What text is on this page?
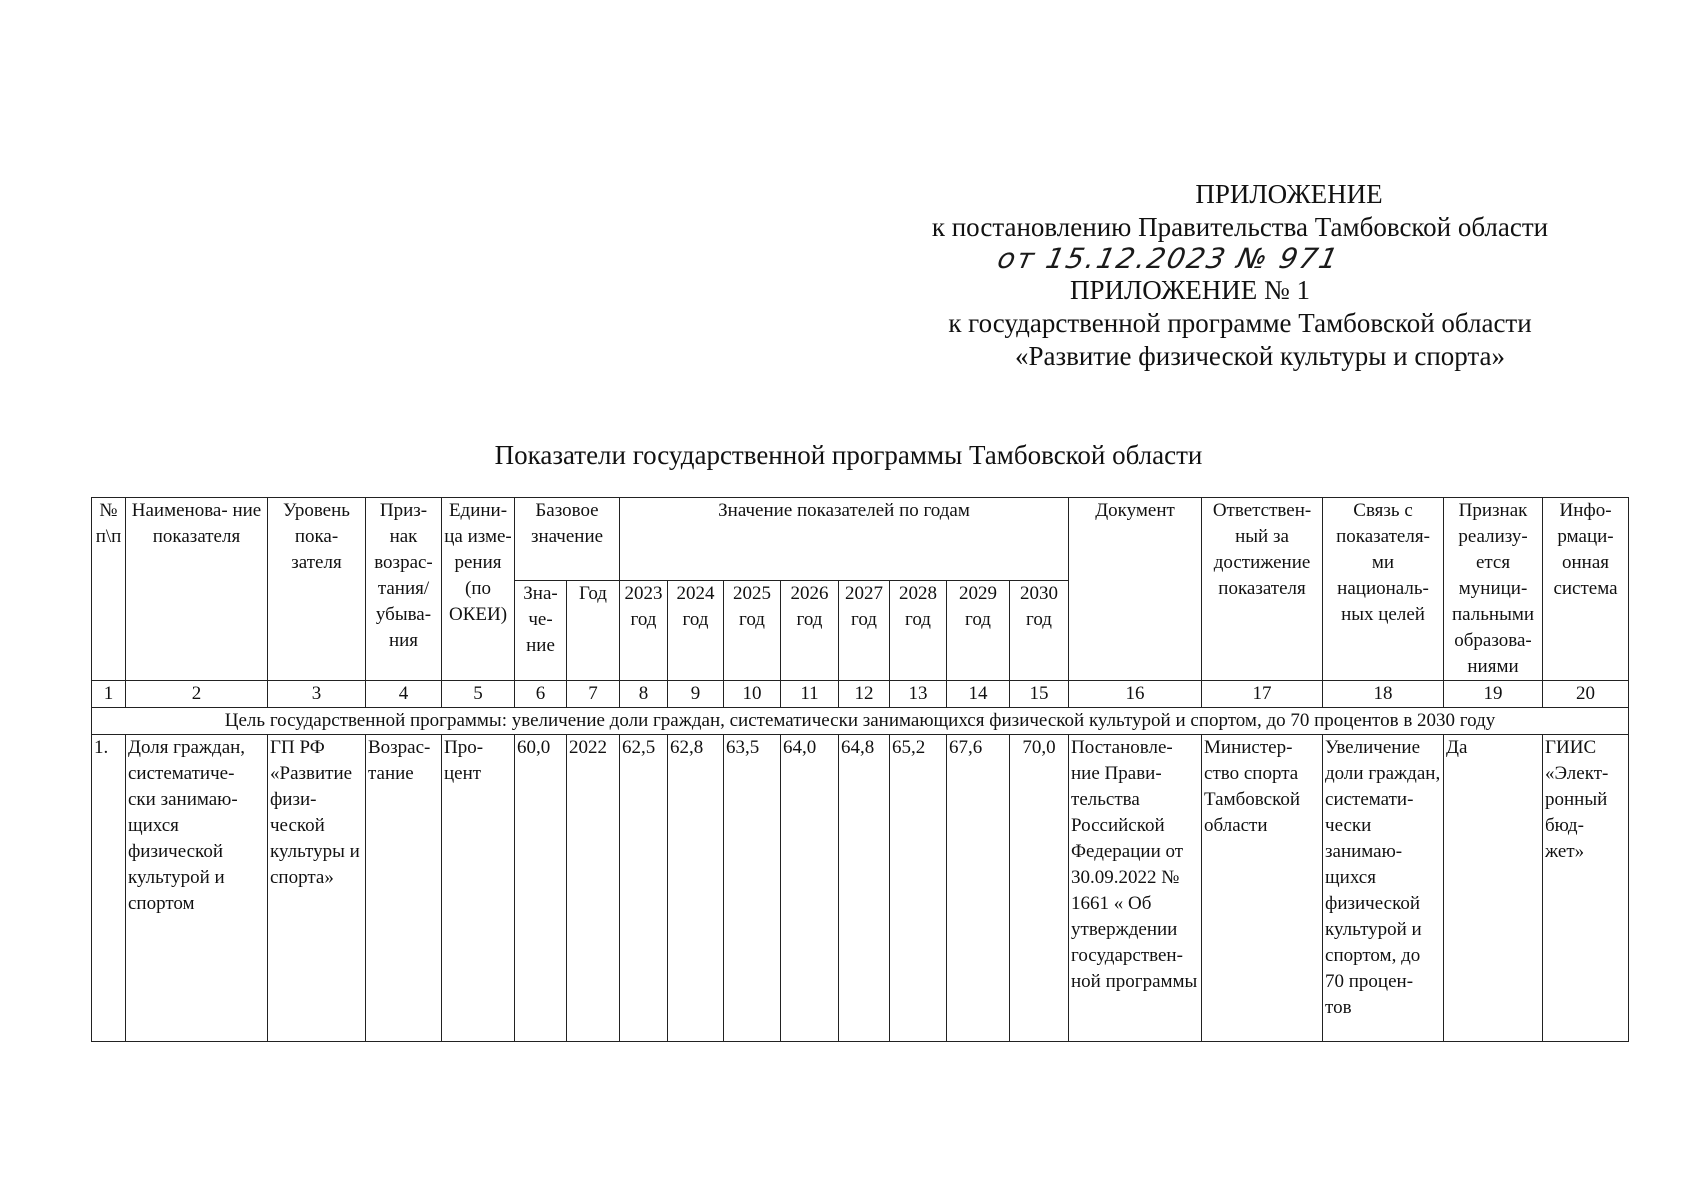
ПРИЛОЖЕНИЕ
к постановлению Правительства Тамбовской области
от 15.12.2023 № 971
ПРИЛОЖЕНИЕ № 1
к государственной программе Тамбовской области
«Развитие физической культуры и спорта»
Показатели государственной программы Тамбовской области
№ п\п	Наименова- ние показателя	Уровень пока- зателя	Приз- нак возрас- тания/ убыва- ния	Едини- ца изме- рения (по ОКЕИ)	Базовое значение		Значение показателей по годам								Документ	Ответствен- ный за достижение показателя	Связь с показателя- ми националь- ных целей	Признак реализу- ется муници- пальными образова- ниями	Инфо- рмаци- онная система
					Зна- че- ние	Год	2023 год	2024 год	2025 год	2026 год	2027 год	2028 год	2029 год	2030 год					
1	2	3	4	5	6	7	8	9	10	11	12	13	14	15	16	17	18	19	20
Цель государственной программы: увеличение доли граждан, систематически занимающихся физической культурой и спортом, до 70 процентов в 2030 году																			
1.	Доля граждан, систематиче- ски занимаю- щихся физической культурой и спортом	ГП РФ «Развитие физи- ческой культуры и спорта»	Возрас- тание	Про- цент	60,0	2022	62,5	62,8	63,5	64,0	64,8	65,2	67,6	70,0	Постановле- ние Прави- тельства Российской Федерации от 30.09.2022 № 1661 « Об утверждении государствен- ной программы	Министер- ство спорта Тамбовской области	Увеличение доли граждан, системати- чески занимаю- щихся физической культурой и спортом, до 70 процен- тов	Да	ГИИС «Элект- ронный бюд- жет»
